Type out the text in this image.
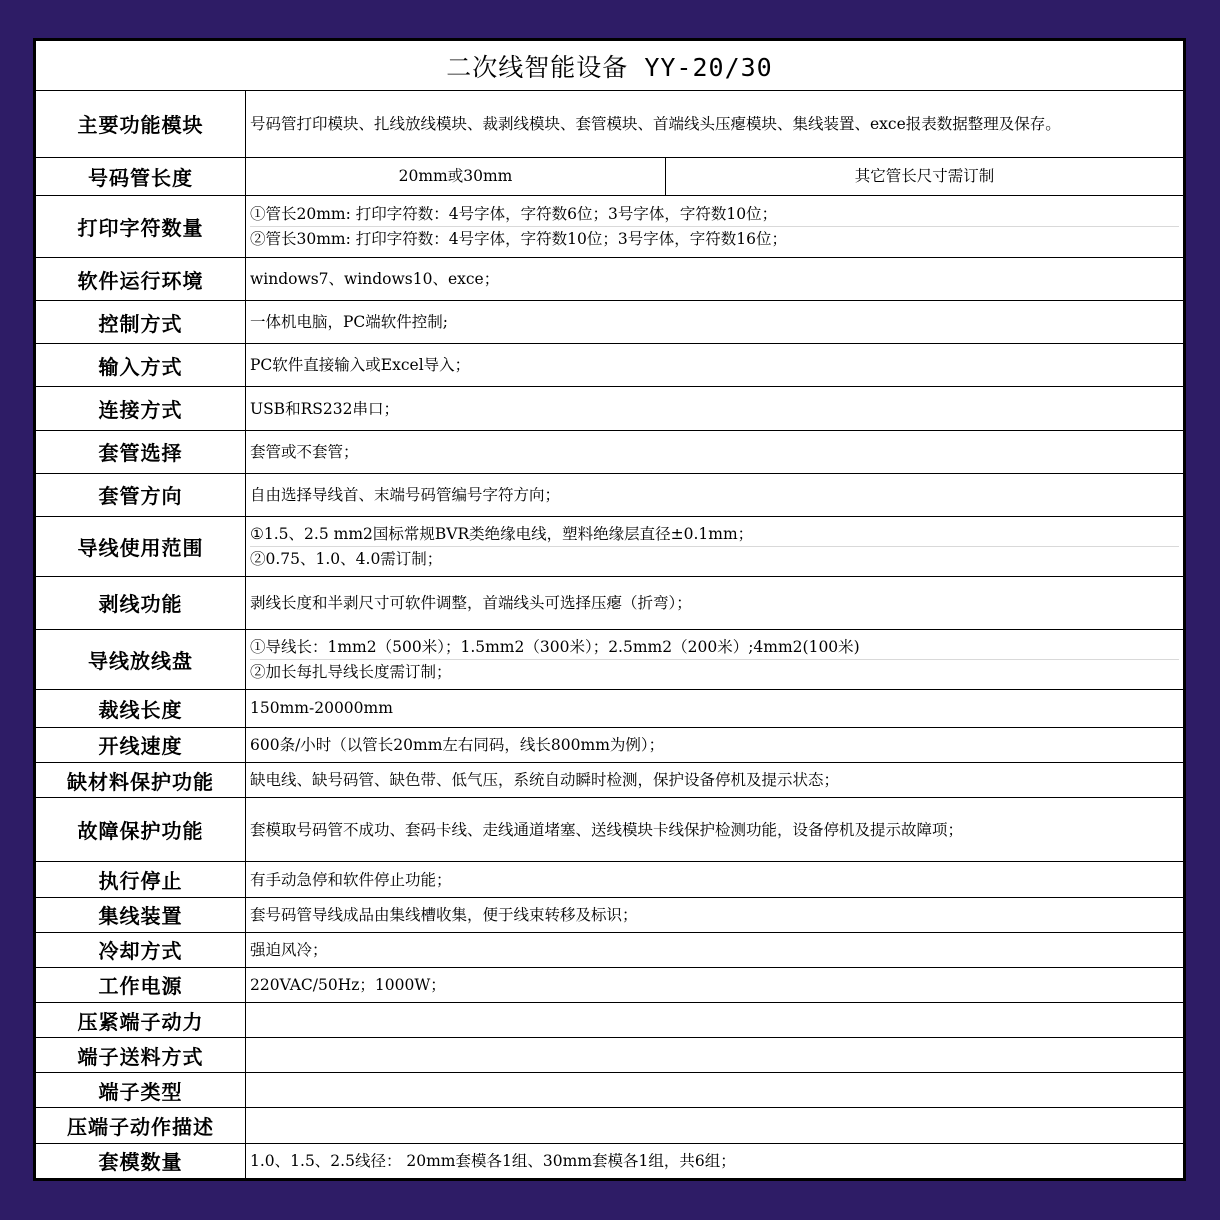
二次线智能设备 YY-20/30		
主要功能模块	号码管打印模块、扎线放线模块、裁剥线模块、套管模块、首端线头压瘪模块、集线装置、exce报表数据整理及保存。	

号码管长度	20mm或30mm	其它管长尺寸需订制
打印字符数量	①管长20mm: 打印字符数：4号字体，字符数6位；3号字体，字符数10位；
②管长30mm: 打印字符数：4号字体，字符数10位；3号字体，字符数16位；	

软件运行环境	windows7、windows10、exce；	

控制方式	一体机电脑，PC端软件控制;	

输入方式	PC软件直接输入或Excel导入；	

连接方式	USB和RS232串口；	

套管选择	套管或不套管；	

套管方向	自由选择导线首、末端号码管编号字符方向；	

导线使用范围	①1.5、2.5 mm2国标常规BVR类绝缘电线，塑料绝缘层直径±0.1mm；
②0.75、1.0、4.0需订制；	

剥线功能	剥线长度和半剥尺寸可软件调整，首端线头可选择压瘪（折弯）；	

导线放线盘	①导线长：1mm2（500米）；1.5mm2（300米）；2.5mm2（200米）;4mm2(100米)
②加长每扎导线长度需订制；	

裁线长度	150mm-20000mm	

开线速度	600条/小时（以管长20mm左右同码，线长800mm为例）；	

缺材料保护功能	缺电线、缺号码管、缺色带、低气压，系统自动瞬时检测，保护设备停机及提示状态；	

故障保护功能	套模取号码管不成功、套码卡线、走线通道堵塞、送线模块卡线保护检测功能，设备停机及提示故障项；	

执行停止	有手动急停和软件停止功能；	

集线装置	套号码管导线成品由集线槽收集，便于线束转移及标识；	

冷却方式	强迫风冷；	

工作电源	220VAC/50Hz；1000W；	

压紧端子动力		

端子送料方式		

端子类型		

压端子动作描述		

套模数量	1.0、1.5、2.5线径： 20mm套模各1组、30mm套模各1组，共6组；	
